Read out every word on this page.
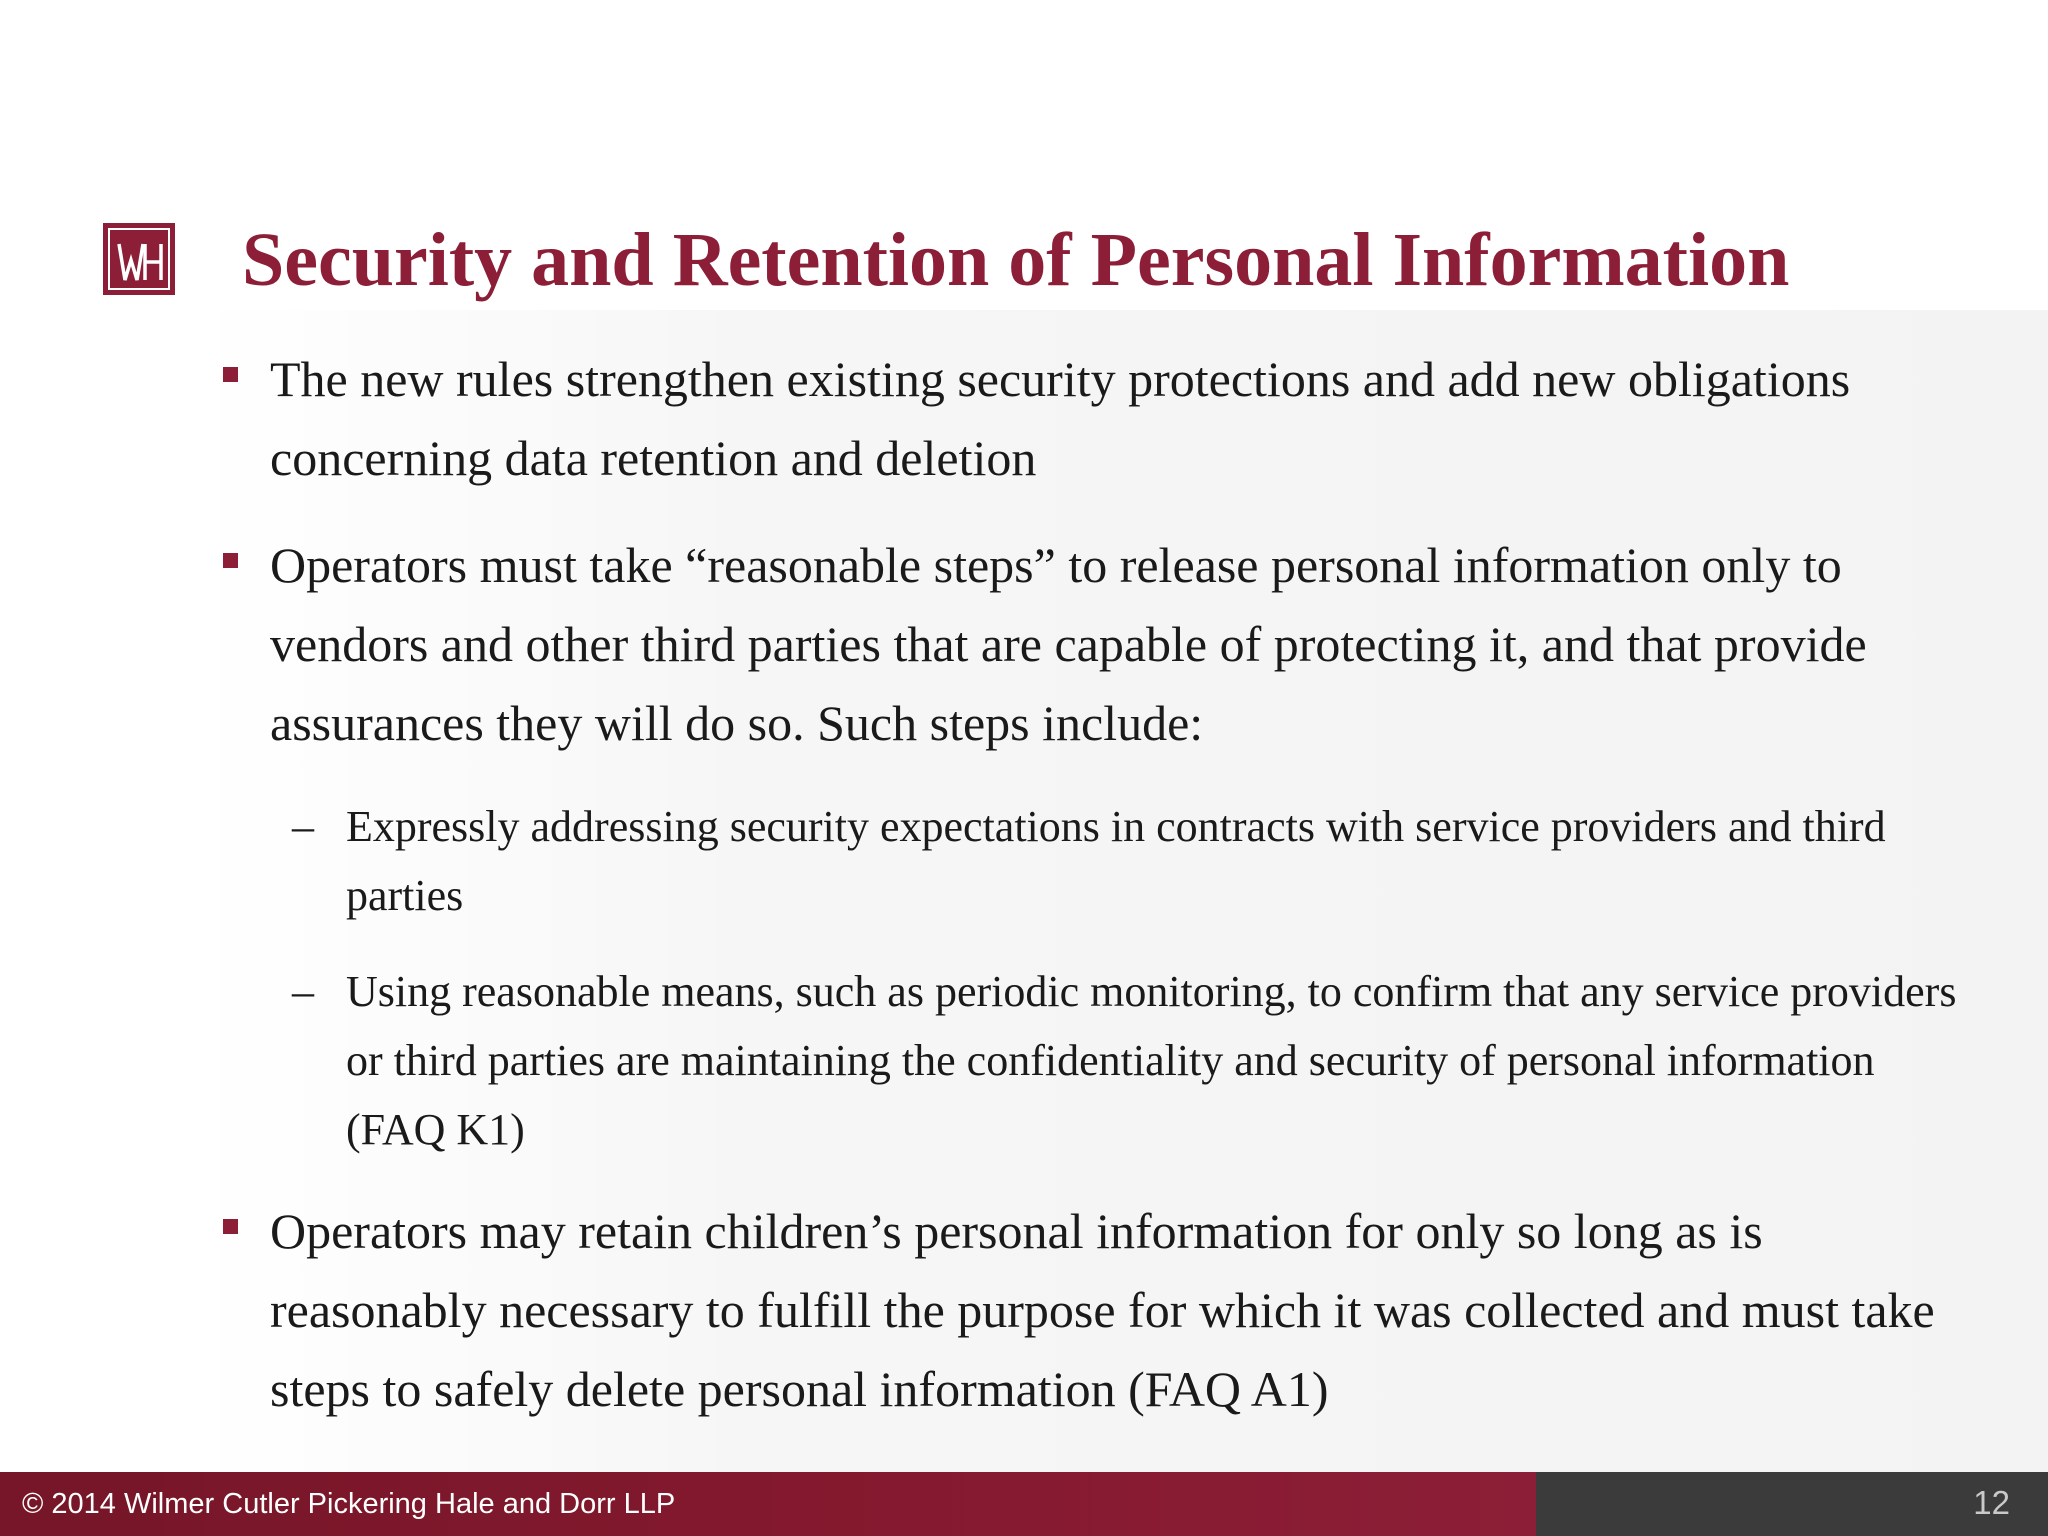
Security and Retention of Personal Information
The new rules strengthen existing security protections and add new obligations concerning data retention and deletion
Operators must take “reasonable steps” to release personal information only to vendors and other third parties that are capable of protecting it, and that provide assurances they will do so. Such steps include:
– Expressly addressing security expectations in contracts with service providers and third parties
– Using reasonable means, such as periodic monitoring, to confirm that any service providers or third parties are maintaining the confidentiality and security of personal information (FAQ K1)
Operators may retain children’s personal information for only so long as is reasonably necessary to fulfill the purpose for which it was collected and must take steps to safely delete personal information (FAQ A1)
© 2014 Wilmer Cutler Pickering Hale and Dorr LLP	12
